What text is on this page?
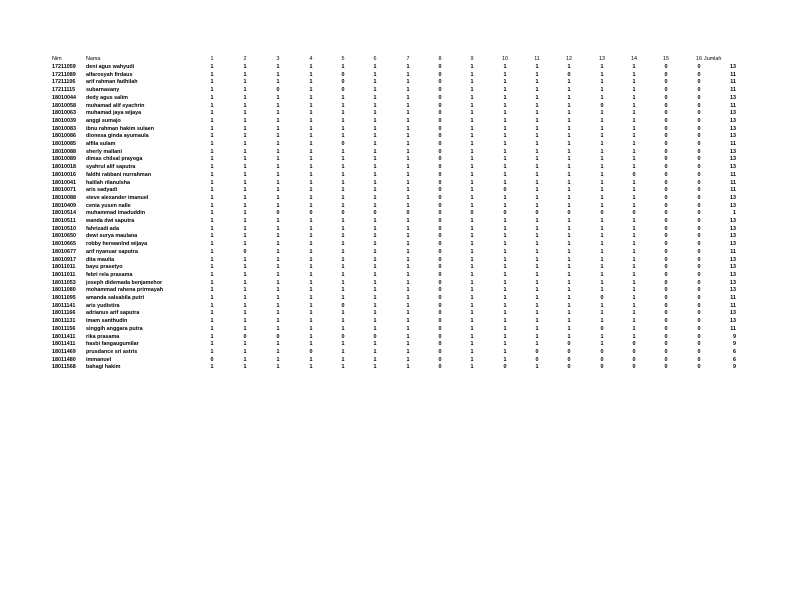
Nim	Nama	1	2	3	4	5	6	7	8	9	10	11	12	13	14	15	16 Jumlah
17211059 deni agus wahyudi	1	1	1	1	1	1	1	0	1	1	1	1	1	1	0	0	13
17211089 alfarosyah firdaus	1	1	1	1	0	1	1	0	1	1	1	0	1	1	0	0	11
17211106 arif rahman fadhilah	1	1	1	1	0	1	1	0	1	1	1	1	1	1	0	0	11
17211115 subarnasany	1	1	0	1	0	1	1	0	1	1	1	1	1	1	0	0	11
18010044 dedy agus salim	1	1	1	1	1	1	1	0	1	1	1	1	1	1	0	0	13
18010058 muhamad alif syachrin	1	1	1	1	1	1	1	0	1	1	1	1	0	1	0	0	11
18010063 muhamad jaya wijaya	1	1	1	1	1	1	1	0	1	1	1	1	1	1	0	0	13
18010039 anggi sumajo	1	1	1	1	1	1	1	0	1	1	1	1	1	1	0	0	13
18010083 ibnu rahman hakim sulaen	1	1	1	1	1	1	1	0	1	1	1	1	1	1	0	0	13
18010086 dionesa ginda ayumaula	1	1	1	1	1	1	1	0	1	1	1	1	1	1	0	0	13
18010085 alfila sulam	1	1	1	1	0	1	1	0	1	1	1	1	1	1	0	0	11
18010088 sherly mallani	1	1	1	1	1	1	1	0	1	1	1	1	1	1	0	0	13
18010089 dimas chilsal prayoga	1	1	1	1	1	1	1	0	1	1	1	1	1	1	0	0	13
18010018 syahrul alif saputra	1	1	1	1	1	1	1	0	1	1	1	1	1	1	0	0	13
18010016 faldhi rabbani nurrahman	1	1	1	1	1	1	1	0	1	1	1	1	1	0	0	0	11
18010041 halilah rilanulsha	1	1	1	1	1	1	1	0	1	1	1	1	1	1	0	0	11
18010071 aris sadyadi	1	1	1	1	1	1	1	0	1	0	1	1	1	1	0	0	11
18010088 steve alexander imanuel	1	1	1	1	1	1	1	0	1	1	1	1	1	1	0	0	13
18010409 cenia yusen nalle	1	1	1	1	1	1	1	0	1	1	1	1	1	1	0	0	13
18010514 muhammad imaduddin	1	1	0	0	0	0	0	0	0	0	0	0	0	0	0	0	1
18010511 wanda dwi saputra	1	1	1	1	1	1	1	0	1	1	1	1	1	1	0	0	13
18010510 fahrizadi ada	1	1	1	1	1	1	1	0	1	1	1	1	1	1	0	0	13
18010650 dewi surya maulana	1	1	1	1	1	1	1	0	1	1	1	1	1	1	0	0	13
18010665 robby herwanlnd wijaya	1	1	1	1	1	1	1	0	1	1	1	1	1	1	0	0	13
18010677 arif nyanuar saputra	1	0	1	1	1	1	1	0	1	1	1	1	1	1	0	0	11
18010917 dita maulia	1	1	1	1	1	1	1	0	1	1	1	1	1	1	0	0	13
18011011 bayu prasetyo	1	1	1	1	1	1	1	0	1	1	1	1	1	1	0	0	13
18011011 febri rela prasama	1	1	1	1	1	1	1	0	1	1	1	1	1	1	0	0	13
18011053 joseph didemada benjamehor	1	1	1	1	1	1	1	0	1	1	1	1	1	1	0	0	13
18011080 mohammad rahena prirmayah	1	1	1	1	1	1	1	0	1	1	1	1	1	1	0	0	13
18011095 amanda salsabila putri	1	1	1	1	1	1	1	0	1	1	1	1	0	1	0	0	11
18011141 aris yudistira	1	1	1	1	0	1	1	0	1	1	1	1	1	1	0	0	11
18011166 adrianus arif saputra	1	1	1	1	1	1	1	0	1	1	1	1	1	1	0	0	13
18011131 imam santhudin	1	1	1	1	1	1	1	0	1	1	1	1	1	1	0	0	13
18011156 singgih anggara putra	1	1	1	1	1	1	1	0	1	1	1	1	0	1	0	0	11
18011411 rika prasama	1	0	0	1	0	0	1	0	1	1	1	1	1	1	0	0	9
18011411 hasbi fangaugumilar	1	1	1	1	1	1	1	0	1	1	1	0	1	0	0	0	9
18011469 prusdance sri astris	1	1	1	0	1	1	1	0	1	1	0	0	0	0	0	0	6
18011480 immanuel	0	1	1	1	1	1	1	0	1	1	0	0	0	0	0	0	6
18011568 bahagi hakim	1	1	1	1	1	1	1	0	1	0	1	0	0	0	0	0	9
